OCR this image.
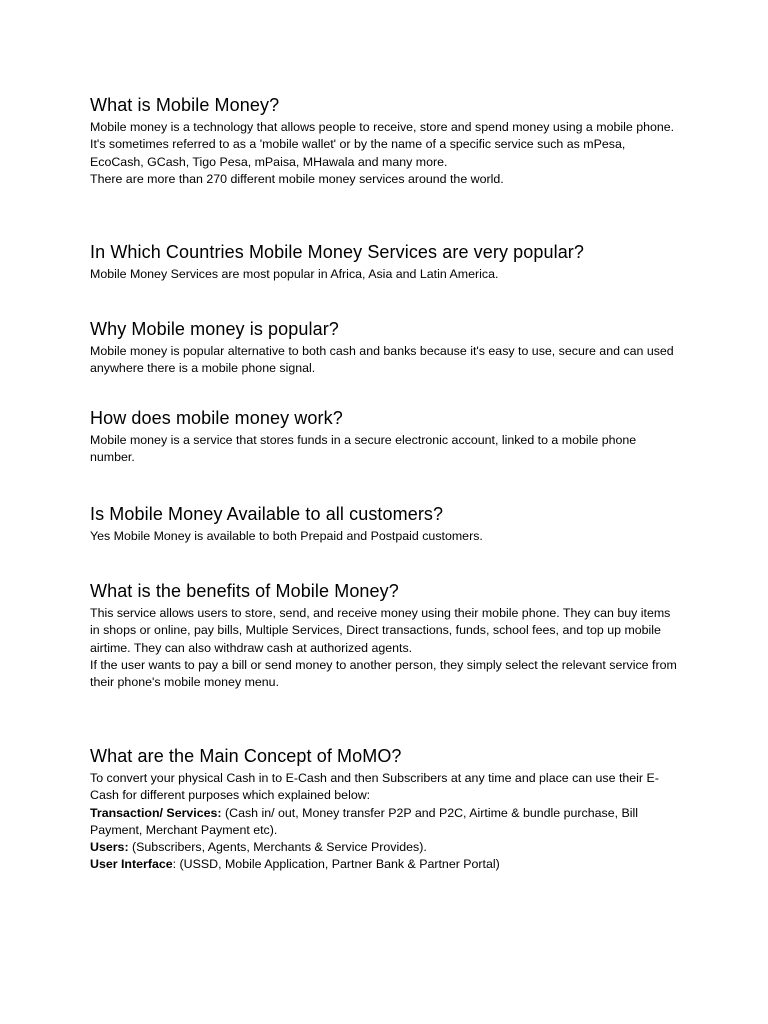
What is Mobile Money?

Mobile money is a technology that allows people to receive, store and spend money using a mobile phone.

It's sometimes referred to as a 'mobile wallet' or by the name of a specific service such as mPesa, EcoCash, GCash, Tigo Pesa, mPaisa, MHawala and many more.

There are more than 270 different mobile money services around the world.

In Which Countries Mobile Money Services are very popular?

Mobile Money Services are most popular in Africa, Asia and Latin America.

Why Mobile money is popular?

Mobile money is popular alternative to both cash and banks because it's easy to use, secure and can used anywhere there is a mobile phone signal.

How does mobile money work?

Mobile money is a service that stores funds in a secure electronic account, linked to a mobile phone number.

Is Mobile Money Available to all customers?

Yes Mobile Money is available to both Prepaid and Postpaid customers.

What is the benefits of Mobile Money?

This service allows users to store, send, and receive money using their mobile phone. They can buy items in shops or online, pay bills, Multiple Services, Direct transactions, funds, school fees, and top up mobile airtime. They can also withdraw cash at authorized agents.

If the user wants to pay a bill or send money to another person, they simply select the relevant service from their phone's mobile money menu.

What are the Main Concept of MoMO?

To convert your physical Cash in to E-Cash and then Subscribers at any time and place can use their E-Cash for different purposes which explained below:

Transaction/ Services: (Cash in/ out, Money transfer P2P and P2C, Airtime & bundle purchase, Bill Payment, Merchant Payment etc).

Users: (Subscribers, Agents, Merchants & Service Provides).

User Interface: (USSD, Mobile Application, Partner Bank & Partner Portal)
